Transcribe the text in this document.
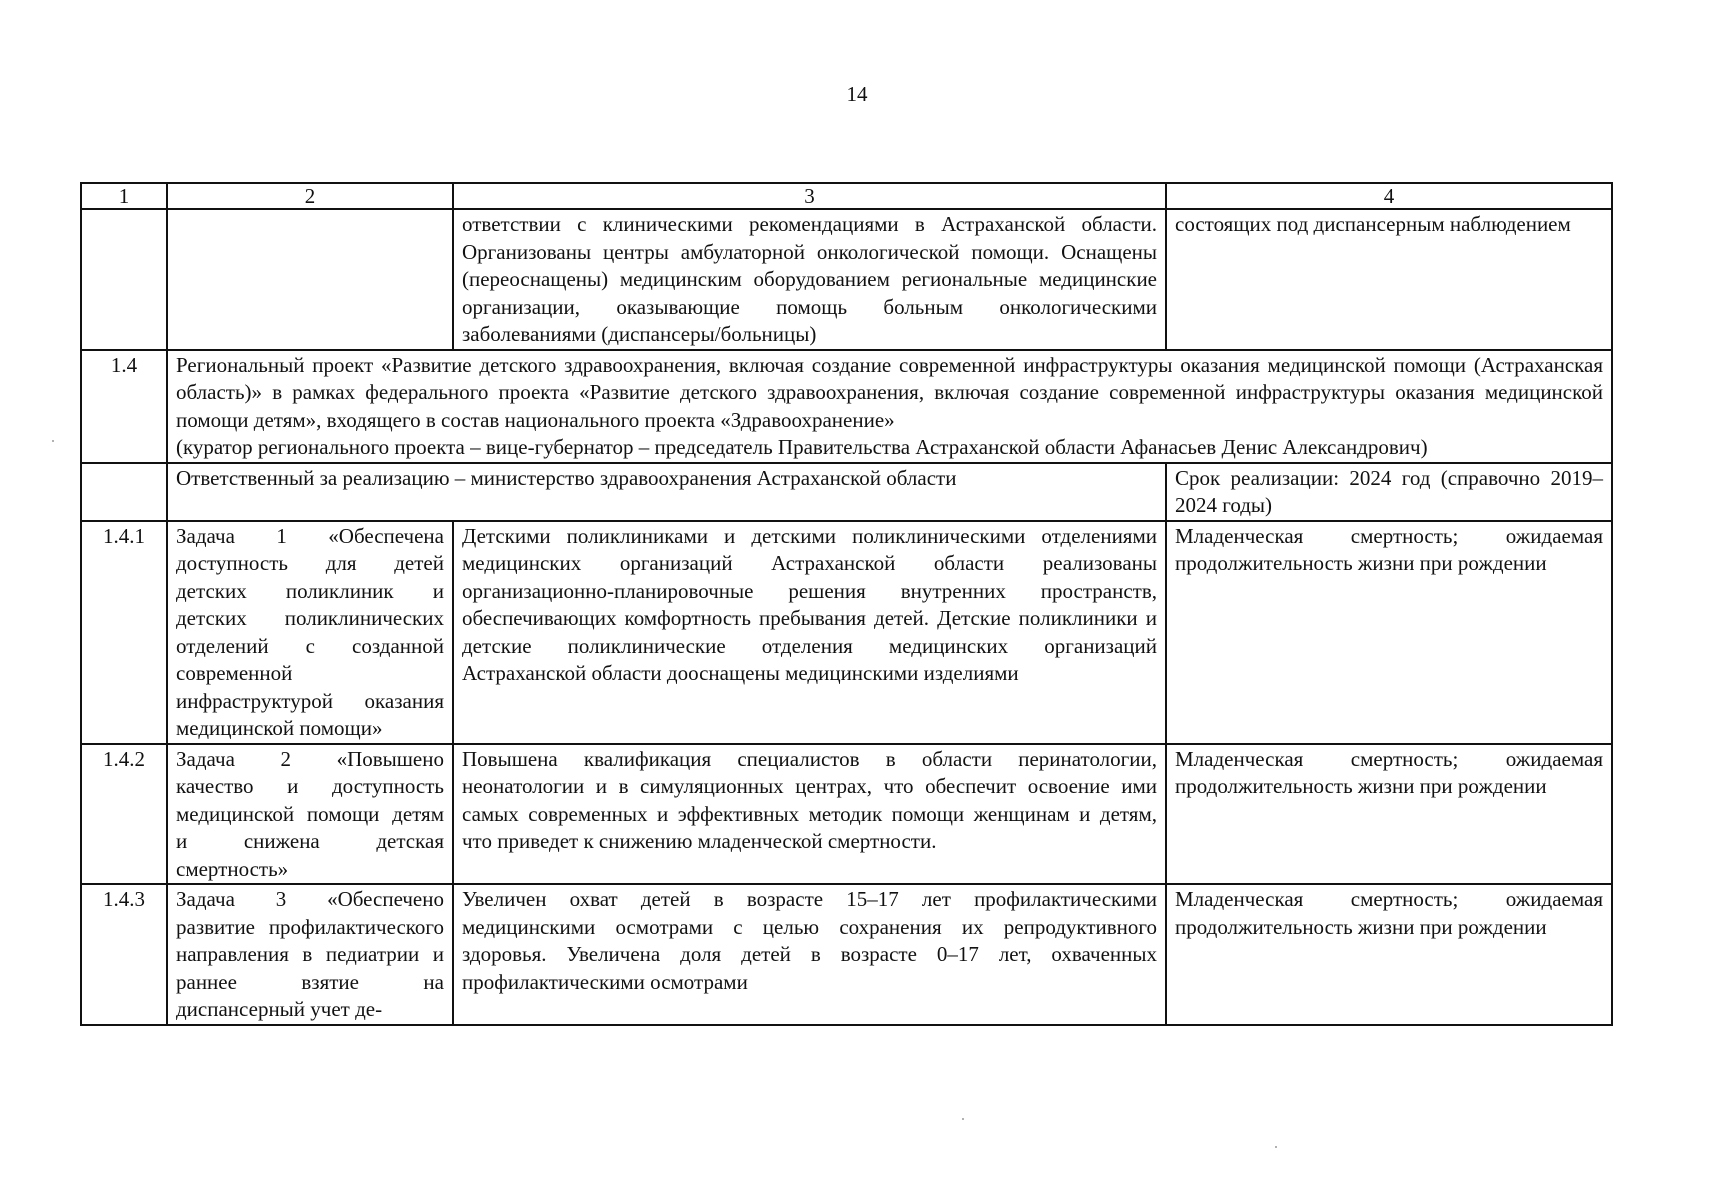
14
1	2	3	4
		ответствии с клиническими рекомендациями в Астраханской области. Организованы центры амбулаторной онкологической помощи. Оснащены (переоснащены) медицинским оборудованием региональные медицинские организации, оказывающие помощь больным онкологическими заболеваниями (диспансеры/больницы)	состоящих под диспансерным наблюдением
1.4	Региональный проект «Развитие детского здравоохранения, включая создание современной инфраструктуры оказания медицинской помощи (Астраханская область)» в рамках федерального проекта «Развитие детского здравоохранения, включая создание современной инфраструктуры оказания медицинской помощи детям», входящего в состав национального проекта «Здравоохранение»
(куратор регионального проекта – вице-губернатор – председатель Правительства Астраханской области Афанасьев Денис Александрович)		

	Ответственный за реализацию – министерство здравоохранения Астраханской области		Срок реализации: 2024 год (справочно 2019–2024 годы)
1.4.1	Задача 1 «Обеспечена доступность для детей детских поликлиник и детских поликлинических отделений с созданной современной инфраструктурой оказания медицинской помощи»	Детскими поликлиниками и детскими поликлиническими отделениями медицинских организаций Астраханской области реализованы организационно-планировочные решения внутренних пространств, обеспечивающих комфортность пребывания детей. Детские поликлиники и детские поликлинические отделения медицинских организаций Астраханской области дооснащены медицинскими изделиями	Младенческая смертность; ожидаемая продолжительность жизни при рождении
1.4.2	Задача 2 «Повышено качество и доступность медицинской помощи детям и снижена детская смертность»	Повышена квалификация специалистов в области перинатологии, неонатологии и в симуляционных центрах, что обеспечит освоение ими самых современных и эффективных методик помощи женщинам и детям, что приведет к снижению младенческой смертности.	Младенческая смертность; ожидаемая продолжительность жизни при рождении
1.4.3	Задача 3 «Обеспечено развитие профилактического направления в педиатрии и раннее взятие на диспансерный учет де-	Увеличен охват детей в возрасте 15–17 лет профилактическими медицинскими осмотрами с целью сохранения их репродуктивного здоровья. Увеличена доля детей в возрасте 0–17 лет, охваченных профилактическими осмотрами	Младенческая смертность; ожидаемая продолжительность жизни при рождении
